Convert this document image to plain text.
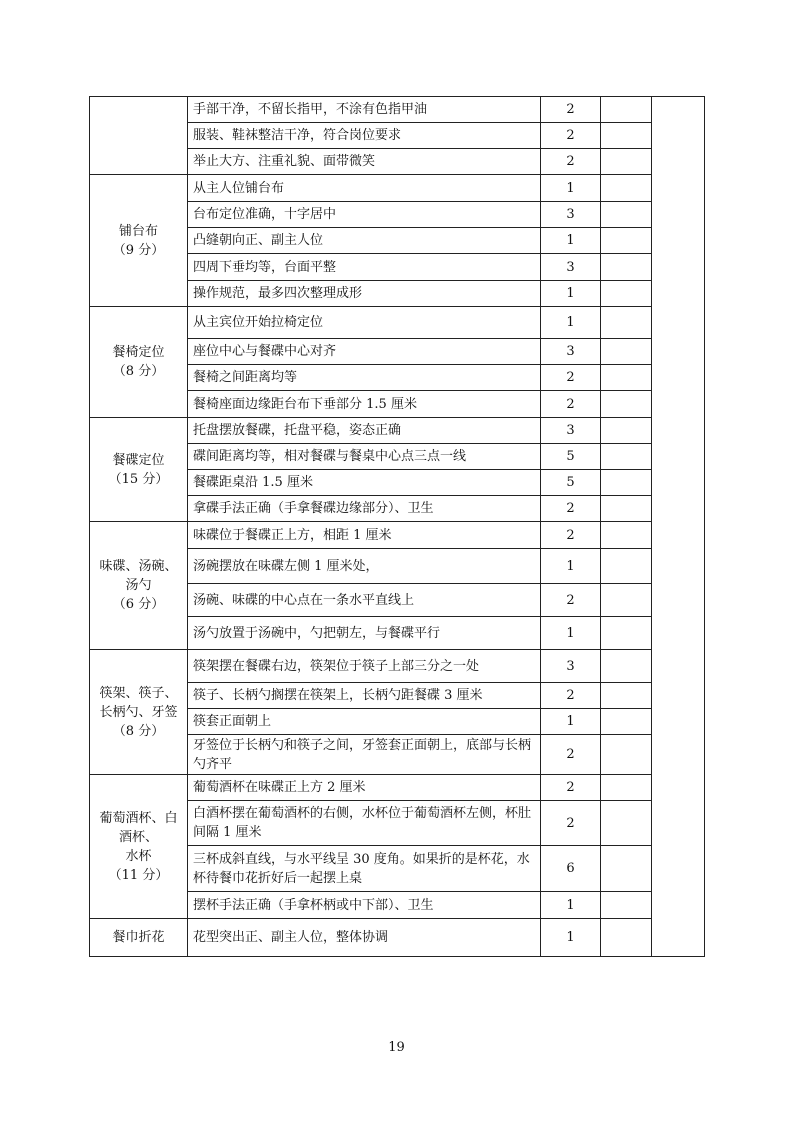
	手部干净，不留长指甲，不涂有色指甲油	2		
	服装、鞋袜整洁干净，符合岗位要求	2		
	举止大方、注重礼貌、面带微笑	2		

铺台布
（9 分）	从主人位铺台布	1		
	台布定位准确，十字居中	3		
	凸缝朝向正、副主人位	1		
	四周下垂均等，台面平整	3		
	操作规范，最多四次整理成形	1		

餐椅定位
（8 分）	从主宾位开始拉椅定位	1		
	座位中心与餐碟中心对齐	3		
	餐椅之间距离均等	2		
	餐椅座面边缘距台布下垂部分 1.5 厘米	2		

餐碟定位
（15 分）	托盘摆放餐碟，托盘平稳，姿态正确	3		
	碟间距离均等，相对餐碟与餐桌中心点三点一线	5		
	餐碟距桌沿 1.5 厘米	5		
	拿碟手法正确（手拿餐碟边缘部分）、卫生	2		

味碟、汤碗、
汤勺
（6 分）	味碟位于餐碟正上方，相距 1 厘米	2		
	汤碗摆放在味碟左侧 1 厘米处，	1		
	汤碗、味碟的中心点在一条水平直线上	2		
	汤勺放置于汤碗中，勺把朝左，与餐碟平行	1		

筷架、筷子、
长柄勺、牙签
（8 分）	筷架摆在餐碟右边，筷架位于筷子上部三分之一处	3		
	筷子、长柄勺搁摆在筷架上，长柄勺距餐碟 3 厘米	2		
	筷套正面朝上	1		
	牙签位于长柄勺和筷子之间，牙签套正面朝上，底部与长柄勺齐平	2		

葡萄酒杯、白
酒杯、
水杯
（11 分）	葡萄酒杯在味碟正上方 2 厘米	2		
	白酒杯摆在葡萄酒杯的右侧，水杯位于葡萄酒杯左侧，杯肚间隔 1 厘米	2		
	三杯成斜直线，与水平线呈 30 度角。如果折的是杯花，水杯待餐巾花折好后一起摆上桌	6		
	摆杯手法正确（手拿杯柄或中下部）、卫生	1		

餐巾折花	花型突出正、副主人位，整体协调	1		
19
